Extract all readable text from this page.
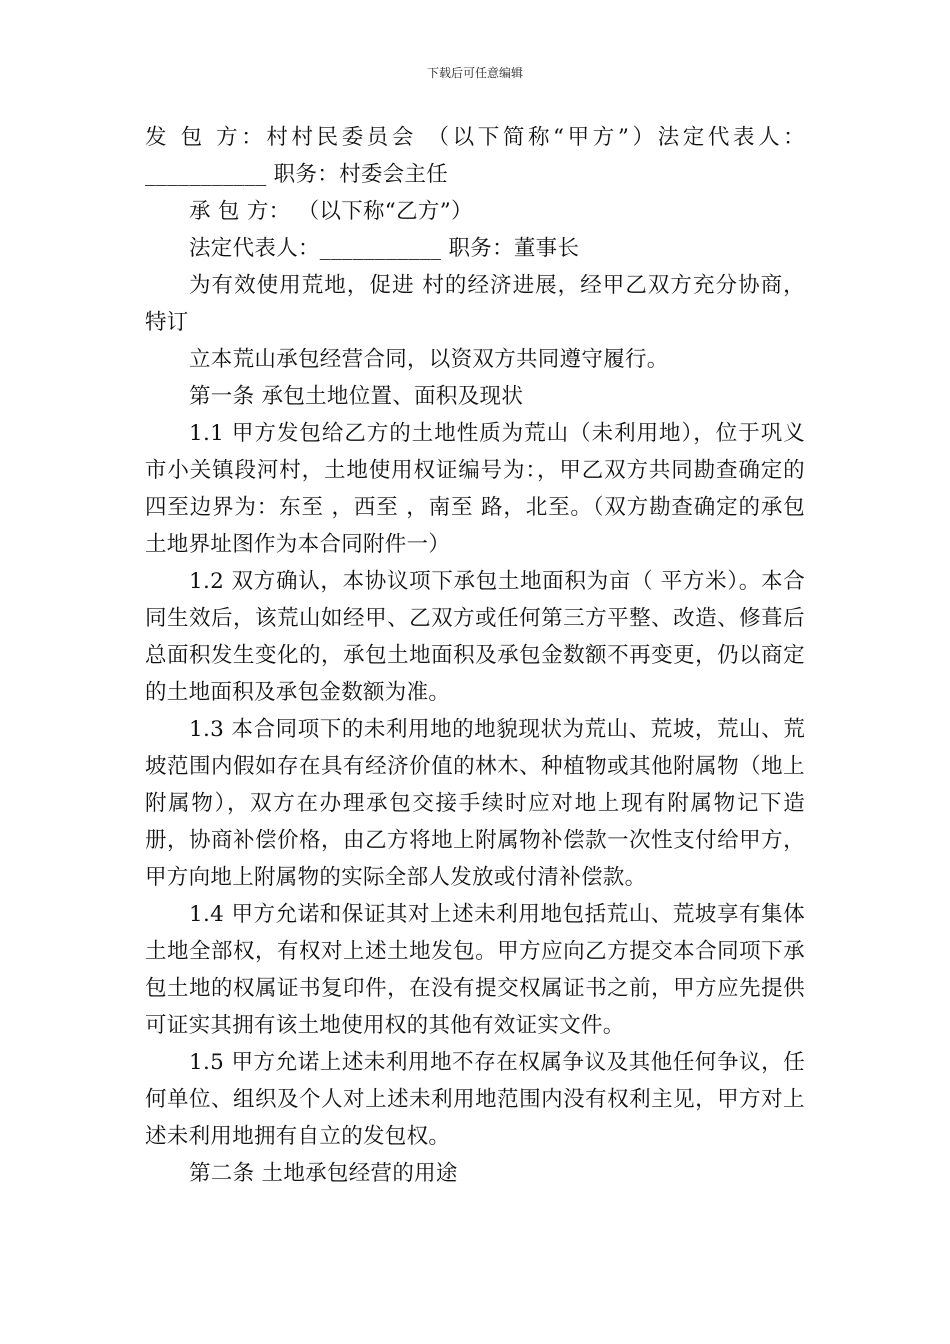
下载后可任意编辑

发 包 方：村村民委员会 （以下简称“甲方”）法定代表人：___________ 职务：村委会主任

承 包 方： （以下称“乙方”）

法定代表人：___________ 职务：董事长

为有效使用荒地，促进 村的经济进展，经甲乙双方充分协商，特订

立本荒山承包经营合同，以资双方共同遵守履行。

第一条 承包土地位置、面积及现状

1.1 甲方发包给乙方的土地性质为荒山（未利用地），位于巩义市小关镇段河村，土地使用权证编号为：，甲乙双方共同勘查确定的四至边界为：东至 ，西至 ，南至 路，北至。（双方勘查确定的承包土地界址图作为本合同附件一）

1.2 双方确认，本协议项下承包土地面积为亩（ 平方米）。本合同生效后，该荒山如经甲、乙双方或任何第三方平整、改造、修葺后总面积发生变化的，承包土地面积及承包金数额不再变更，仍以商定的土地面积及承包金数额为准。

1.3 本合同项下的未利用地的地貌现状为荒山、荒坡，荒山、荒坡范围内假如存在具有经济价值的林木、种植物或其他附属物（地上附属物），双方在办理承包交接手续时应对地上现有附属物记下造册，协商补偿价格，由乙方将地上附属物补偿款一次性支付给甲方，甲方向地上附属物的实际全部人发放或付清补偿款。

1.4 甲方允诺和保证其对上述未利用地包括荒山、荒坡享有集体土地全部权，有权对上述土地发包。甲方应向乙方提交本合同项下承包土地的权属证书复印件，在没有提交权属证书之前，甲方应先提供可证实其拥有该土地使用权的其他有效证实文件。

1.5 甲方允诺上述未利用地不存在权属争议及其他任何争议，任何单位、组织及个人对上述未利用地范围内没有权利主见，甲方对上述未利用地拥有自立的发包权。

第二条 土地承包经营的用途
